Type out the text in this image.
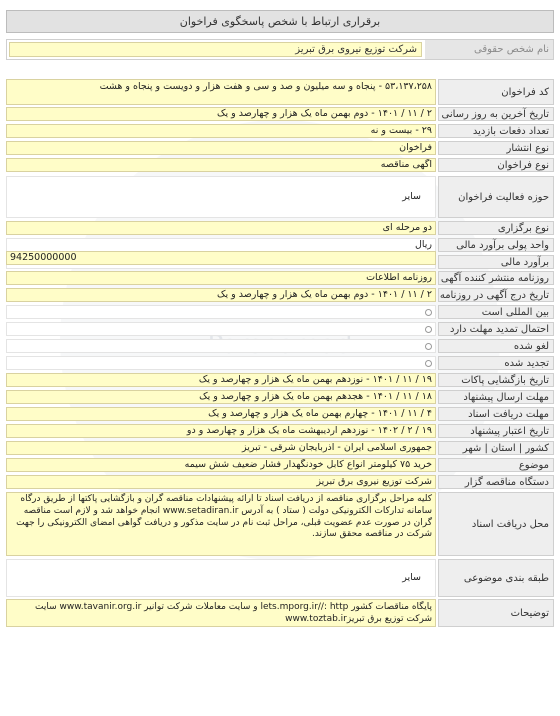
برقراری ارتباط با شخص پاسخگوی فراخوان
نام شخص حقوقی
شرکت توزیع نیروی برق تبریز
کد فراخوان
۵۳،۱۳۷،۲۵۸ - پنجاه و سه میلیون و صد و سی و هفت هزار و دویست و پنجاه و هشت
تاریخ آخرین به روز رسانی
۲ / ۱۱ / ۱۴۰۱ - دوم بهمن ماه یک هزار و چهارصد و یک
تعداد دفعات بازدید
۲۹ - بیست و نه
نوع انتشار
فراخوان
نوع فراخوان
آگهی مناقصه
حوزه فعالیت فراخوان
سایر
نوع برگزاری
دو مرحله ای
واحد پولی برآورد مالی
ریال
برآورد مالی
94250000000
روزنامه منتشر کننده آگهی
روزنامه اطلاعات
تاریخ درج آگهی در روزنامه
۲ / ۱۱ / ۱۴۰۱ - دوم بهمن ماه یک هزار و چهارصد و یک
بین المللی است
احتمال تمدید مهلت دارد
لغو شده
تجدید شده
تاریخ بازگشایی پاکات
۱۹ / ۱۱ / ۱۴۰۱ - نوزدهم بهمن ماه یک هزار و چهارصد و یک
مهلت ارسال پیشنهاد
۱۸ / ۱۱ / ۱۴۰۱ - هجدهم بهمن ماه یک هزار و چهارصد و یک
مهلت دریافت اسناد
۴ / ۱۱ / ۱۴۰۱ - چهارم بهمن ماه یک هزار و چهارصد و یک
تاریخ اعتبار پیشنهاد
۱۹ / ۲ / ۱۴۰۲ - نوزدهم اردیبهشت ماه یک هزار و چهارصد و دو
کشور | استان | شهر
جمهوری اسلامی ایران - آذربایجان شرقی - تبریز
موضوع
خرید ۷۵ کیلومتر انواع کابل خودنگهدار فشار ضعیف شش سیمه
دستگاه مناقصه گزار
شرکت توزیع نیروی برق تبریز
محل دریافت اسناد
کلیه مراحل برگزاری مناقصه از دریافت اسناد تا ارائه پیشنهادات مناقصه گران و بازگشایی پاکتها از طریق درگاه سامانه تدارکات الکترونیکی دولت ( ستاد ) به آدرس www.setadiran.ir انجام خواهد شد و لازم است مناقصه گران در صورت عدم عضویت قبلی، مراحل ثبت نام در سایت مذکور و دریافت گواهی امضای الکترونیکی را جهت شرکت در مناقصه محقق سازند.
طبقه بندی موضوعی
سایر
توضیحات
پایگاه مناقصات کشور lets.mporg.ir//: http و سایت معاملات شرکت توانیر www.tavanir.org.ir سایت شرکت توزیع برق تبریزwww.toztab.ir
